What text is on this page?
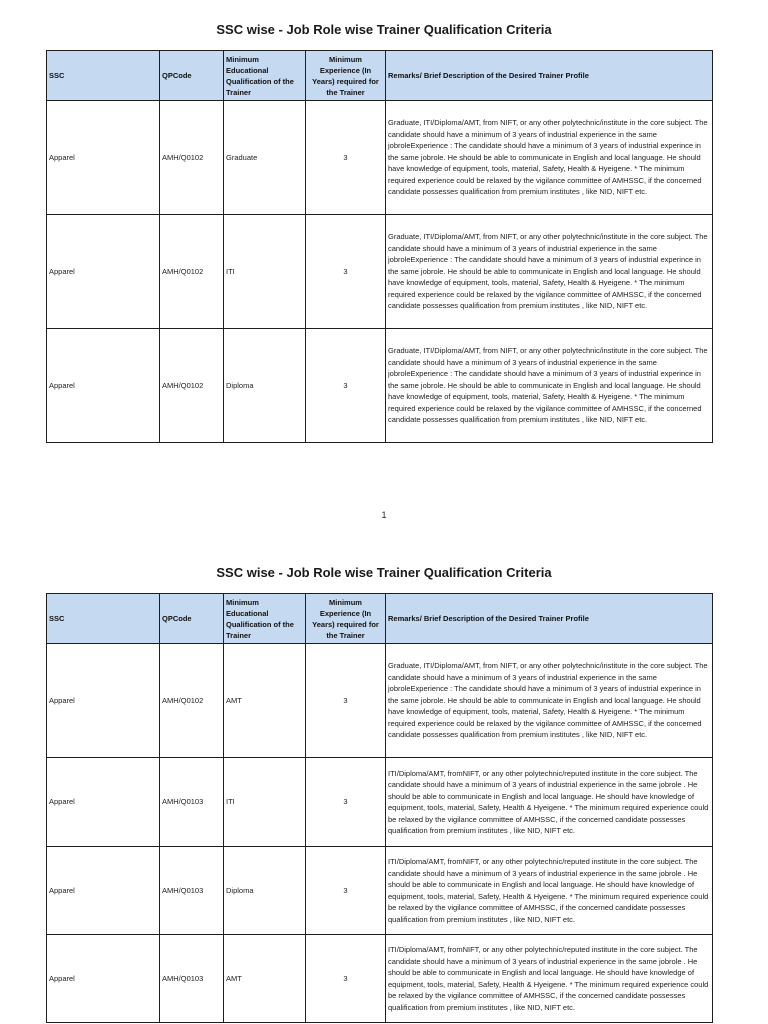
SSC wise - Job Role wise Trainer Qualification Criteria
SSC	QPCode	Minimum Educational Qualification of the Trainer	Minimum Experience (In Years) required for the Trainer	Remarks/ Brief Description of the Desired Trainer Profile
Apparel	AMH/Q0102	Graduate	3	Graduate, ITI/Diploma/AMT, from NIFT, or any other polytechnic/institute in the core subject. The candidate should have a minimum of 3 years of industrial experience in the same jobroleExperience : The candidate should have a minimum of 3 years of industrial experince in the same jobrole. He should be able to communicate in English and local language. He should have knowledge of equipment, tools, material, Safety, Health & Hyeigene. * The minimum required experience could be relaxed by the vigilance committee of AMHSSC, if the concerned candidate possesses qualification from premium institutes , like NID, NIFT etc.
Apparel	AMH/Q0102	ITI	3	Graduate, ITI/Diploma/AMT, from NIFT, or any other polytechnic/institute in the core subject. The candidate should have a minimum of 3 years of industrial experience in the same jobroleExperience : The candidate should have a minimum of 3 years of industrial experince in the same jobrole. He should be able to communicate in English and local language. He should have knowledge of equipment, tools, material, Safety, Health & Hyeigene. * The minimum required experience could be relaxed by the vigilance committee of AMHSSC, if the concerned candidate possesses qualification from premium institutes , like NID, NIFT etc.
Apparel	AMH/Q0102	Diploma	3	Graduate, ITI/Diploma/AMT, from NIFT, or any other polytechnic/institute in the core subject. The candidate should have a minimum of 3 years of industrial experience in the same jobroleExperience : The candidate should have a minimum of 3 years of industrial experince in the same jobrole. He should be able to communicate in English and local language. He should have knowledge of equipment, tools, material, Safety, Health & Hyeigene. * The minimum required experience could be relaxed by the vigilance committee of AMHSSC, if the concerned candidate possesses qualification from premium institutes , like NID, NIFT etc.
1
SSC wise - Job Role wise Trainer Qualification Criteria
SSC	QPCode	Minimum Educational Qualification of the Trainer	Minimum Experience (In Years) required for the Trainer	Remarks/ Brief Description of the Desired Trainer Profile
Apparel	AMH/Q0102	AMT	3	Graduate, ITI/Diploma/AMT, from NIFT, or any other polytechnic/institute in the core subject. The candidate should have a minimum of 3 years of industrial experience in the same jobroleExperience : The candidate should have a minimum of 3 years of industrial experince in the same jobrole. He should be able to communicate in English and local language. He should have knowledge of equipment, tools, material, Safety, Health & Hyeigene. * The minimum required experience could be relaxed by the vigilance committee of AMHSSC, if the concerned candidate possesses qualification from premium institutes , like NID, NIFT etc.
Apparel	AMH/Q0103	ITI	3	ITI/Diploma/AMT, fromNIFT, or any other polytechnic/reputed institute in the core subject. The candidate should have a minimum of 3 years of industrial experience in the same jobrole . He should be able to communicate in English and local language. He should have knowledge of equipment, tools, material, Safety, Health & Hyeigene. * The minimum required experience could be relaxed by the vigilance committee of AMHSSC, if the concerned candidate possesses qualification from premium institutes , like NID, NIFT etc.
Apparel	AMH/Q0103	Diploma	3	ITI/Diploma/AMT, fromNIFT, or any other polytechnic/reputed institute in the core subject. The candidate should have a minimum of 3 years of industrial experience in the same jobrole . He should be able to communicate in English and local language. He should have knowledge of equipment, tools, material, Safety, Health & Hyeigene. * The minimum required experience could be relaxed by the vigilance committee of AMHSSC, if the concerned candidate possesses qualification from premium institutes , like NID, NIFT etc.
Apparel	AMH/Q0103	AMT	3	ITI/Diploma/AMT, fromNIFT, or any other polytechnic/reputed institute in the core subject. The candidate should have a minimum of 3 years of industrial experience in the same jobrole . He should be able to communicate in English and local language. He should have knowledge of equipment, tools, material, Safety, Health & Hyeigene. * The minimum required experience could be relaxed by the vigilance committee of AMHSSC, if the concerned candidate possesses qualification from premium institutes , like NID, NIFT etc.
